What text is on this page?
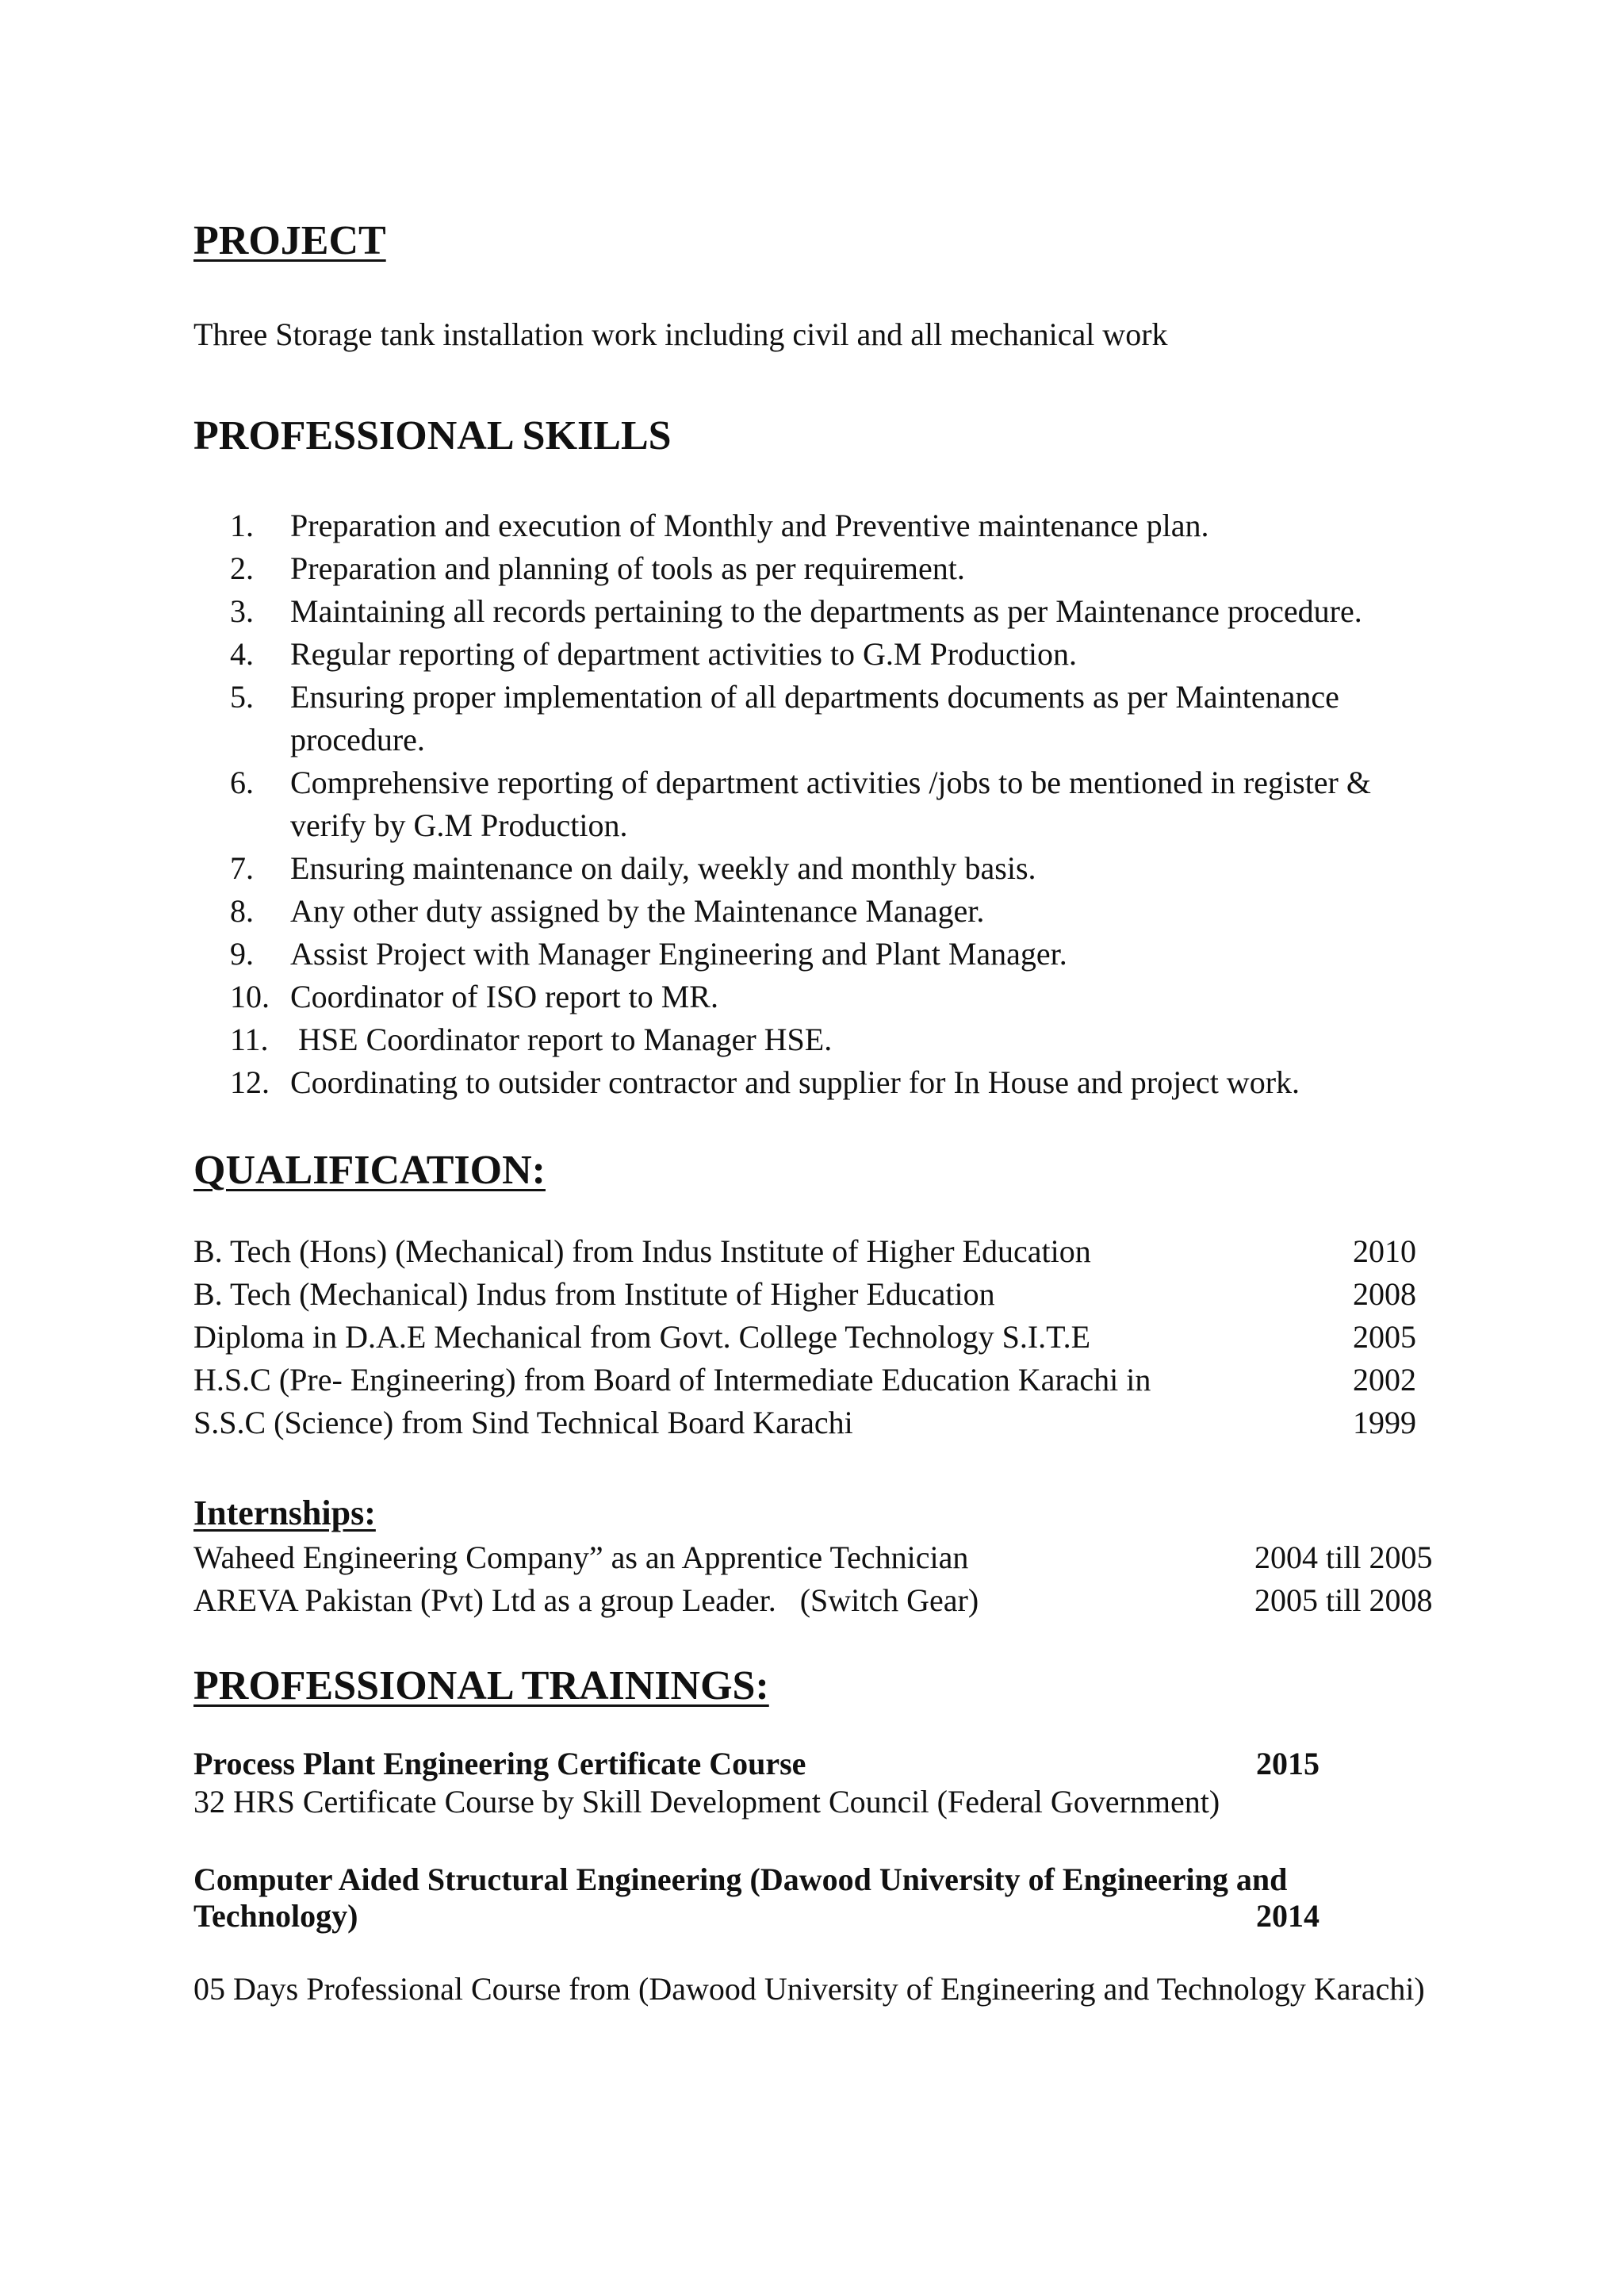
PROJECT
Three Storage tank installation work including civil and all mechanical work
PROFESSIONAL SKILLS
1.	Preparation and execution of Monthly and Preventive maintenance plan.
2.	Preparation and planning of tools as per requirement.
3.	Maintaining all records pertaining to the departments as per Maintenance procedure.
4.	Regular reporting of department activities to G.M Production.
5.	Ensuring proper implementation of all departments documents as per Maintenance procedure.
6.	Comprehensive reporting of department activities /jobs to be mentioned in register & verify by G.M Production.
7.	Ensuring maintenance on daily, weekly and monthly basis.
8.	Any other duty assigned by the Maintenance Manager.
9.	Assist Project with Manager Engineering and Plant Manager.
10. Coordinator of ISO report to MR.
11. HSE Coordinator report to Manager HSE.
12. Coordinating to outsider contractor and supplier for In House and project work.
QUALIFICATION:
B. Tech (Hons) (Mechanical) from Indus Institute of Higher Education	2010
B. Tech (Mechanical) Indus from Institute of Higher Education	2008
Diploma in D.A.E Mechanical from Govt. College Technology S.I.T.E	2005
H.S.C (Pre- Engineering) from Board of Intermediate Education Karachi in	2002
S.S.C (Science) from Sind Technical Board Karachi	1999
Internships:
Waheed Engineering Company” as an Apprentice Technician	2004 till 2005
AREVA Pakistan (Pvt) Ltd as a group Leader.   (Switch Gear)	2005 till 2008
PROFESSIONAL TRAININGS:
Process Plant Engineering Certificate Course	2015
32 HRS Certificate Course by Skill Development Council (Federal Government)
Computer Aided Structural Engineering (Dawood University of Engineering and
Technology)	2014
05 Days Professional Course from (Dawood University of Engineering and Technology Karachi)
